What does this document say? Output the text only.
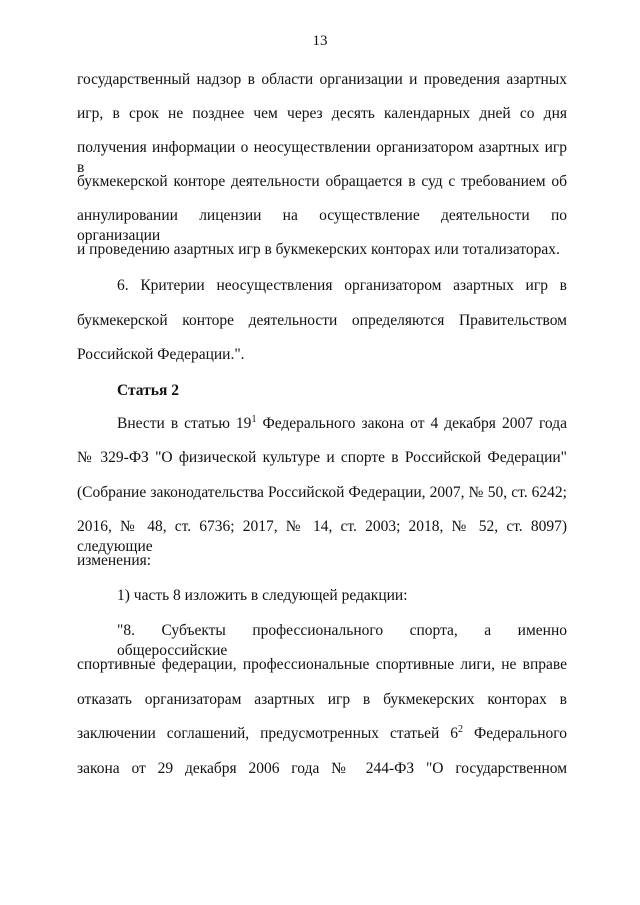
13
государственный надзор в области организации и проведения азартных
игр, в срок не позднее чем через десять календарных дней со дня
получения информации о неосуществлении организатором азартных игр в
букмекерской конторе деятельности обращается в суд с требованием об
аннулировании лицензии на осуществление деятельности по организации
и проведению азартных игр в букмекерских конторах или тотализаторах.
6. Критерии неосуществления организатором азартных игр в
букмекерской конторе деятельности определяются Правительством
Российской Федерации.".
Статья 2
Внести в статью $19^1$ Федерального закона от 4 декабря 2007 года
№ 329-ФЗ "О физической культуре и спорте в Российской Федерации"
(Собрание законодательства Российской Федерации, 2007, № 50, ст. 6242;
2016, № 48, ст. 6736; 2017, № 14, ст. 2003; 2018, № 52, ст. 8097) следующие
изменения:
1) часть 8 изложить в следующей редакции:
"8. Субъекты профессионального спорта, а именно общероссийские
спортивные федерации, профессиональные спортивные лиги, не вправе
отказать организаторам азартных игр в букмекерских конторах в
заключении соглашений, предусмотренных статьей $6^2$ Федерального
закона от 29 декабря 2006 года № 244-ФЗ "О государственном
